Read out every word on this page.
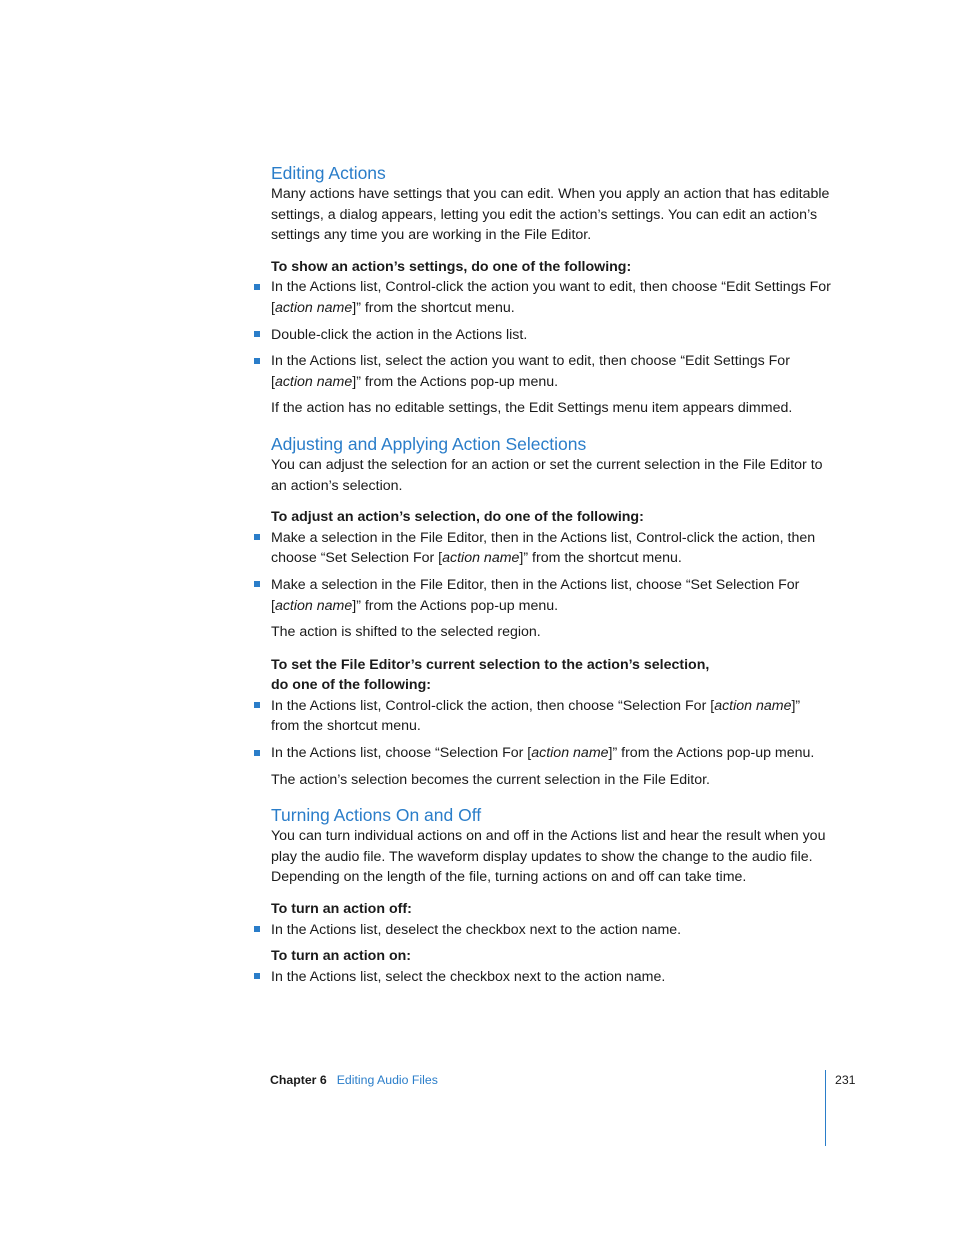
Editing Actions

Many actions have settings that you can edit. When you apply an action that has editable settings, a dialog appears, letting you edit the action’s settings. You can edit an action’s settings any time you are working in the File Editor.

To show an action’s settings, do one of the following:

In the Actions list, Control-click the action you want to edit, then choose “Edit Settings For [action name]” from the shortcut menu.
Double-click the action in the Actions list.
In the Actions list, select the action you want to edit, then choose “Edit Settings For [action name]” from the Actions pop-up menu.

If the action has no editable settings, the Edit Settings menu item appears dimmed.

Adjusting and Applying Action Selections

You can adjust the selection for an action or set the current selection in the File Editor to an action’s selection.

To adjust an action’s selection, do one of the following:

Make a selection in the File Editor, then in the Actions list, Control-click the action, then choose “Set Selection For [action name]” from the shortcut menu.
Make a selection in the File Editor, then in the Actions list, choose “Set Selection For [action name]” from the Actions pop-up menu.

The action is shifted to the selected region.

To set the File Editor’s current selection to the action’s selection,
do one of the following:

In the Actions list, Control-click the action, then choose “Selection For [action name]” from the shortcut menu.
In the Actions list, choose “Selection For [action name]” from the Actions pop-up menu.

The action’s selection becomes the current selection in the File Editor.

Turning Actions On and Off

You can turn individual actions on and off in the Actions list and hear the result when you play the audio file. The waveform display updates to show the change to the audio file. Depending on the length of the file, turning actions on and off can take time.

To turn an action off:

In the Actions list, deselect the checkbox next to the action name.

To turn an action on:

In the Actions list, select the checkbox next to the action name.
Chapter 6 Editing Audio Files	231
